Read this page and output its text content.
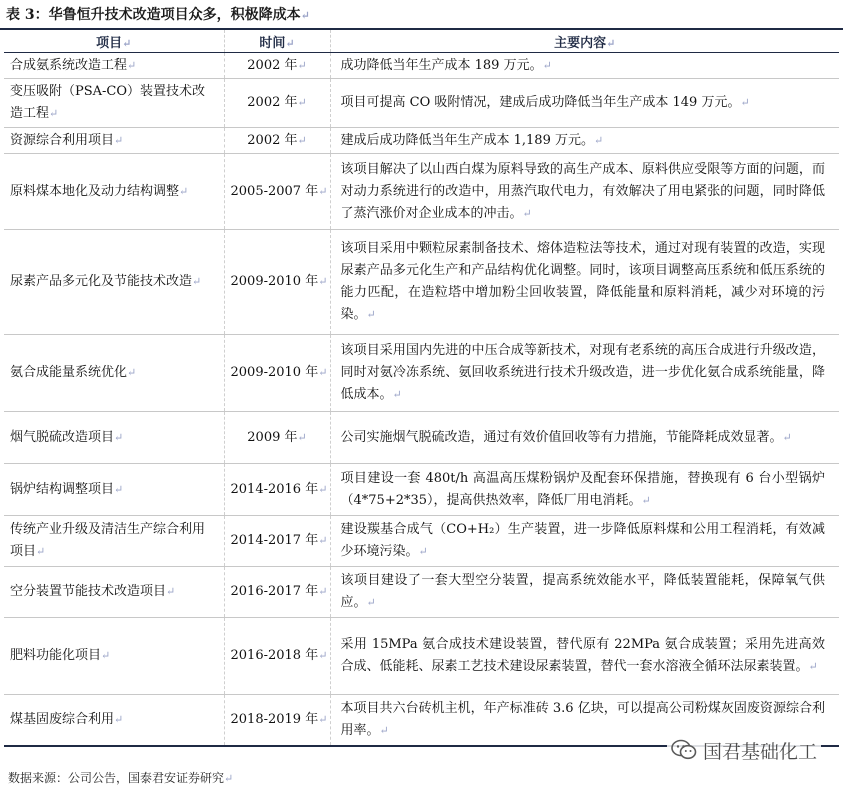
表 3：华鲁恒升技术改造项目众多，积极降成本↵
项目↵	时间↵	主要内容↵
合成氨系统改造工程↵	2002 年↵	成功降低当年生产成本 189 万元。↵
变压吸附（PSA-CO）装置技术改造工程↵	2002 年↵	项目可提高 CO 吸附情况，建成后成功降低当年生产成本 149 万元。↵
资源综合利用项目↵	2002 年↵	建成后成功降低当年生产成本 1,189 万元。↵
原料煤本地化及动力结构调整↵	2005-2007 年↵	该项目解决了以山西白煤为原料导致的高生产成本、原料供应受限等方面的问题，而对动力系统进行的改造中，用蒸汽取代电力，有效解决了用电紧张的问题，同时降低了蒸汽涨价对企业成本的冲击。↵
尿素产品多元化及节能技术改造↵	2009-2010 年↵	该项目采用中颗粒尿素制备技术、熔体造粒法等技术，通过对现有装置的改造，实现尿素产品多元化生产和产品结构优化调整。同时，该项目调整高压系统和低压系统的能力匹配，在造粒塔中增加粉尘回收装置，降低能量和原料消耗，减少对环境的污染。↵
氨合成能量系统优化↵	2009-2010 年↵	该项目采用国内先进的中压合成等新技术，对现有老系统的高压合成进行升级改造，同时对氨冷冻系统、氨回收系统进行技术升级改造，进一步优化氨合成系统能量，降低成本。↵
烟气脱硫改造项目↵	2009 年↵	公司实施烟气脱硫改造，通过有效价值回收等有力措施，节能降耗成效显著。↵
锅炉结构调整项目↵	2014-2016 年↵	项目建设一套 480t/h 高温高压煤粉锅炉及配套环保措施，替换现有 6 台小型锅炉（4*75+2*35），提高供热效率，降低厂用电消耗。↵
传统产业升级及清洁生产综合利用项目↵	2014-2017 年↵	建设羰基合成气（CO+H₂）生产装置，进一步降低原料煤和公用工程消耗，有效减少环境污染。↵
空分装置节能技术改造项目↵	2016-2017 年↵	该项目建设了一套大型空分装置，提高系统效能水平，降低装置能耗，保障氧气供应。↵
肥料功能化项目↵	2016-2018 年↵	采用 15MPa 氨合成技术建设装置，替代原有 22MPa 氨合成装置；采用先进高效合成、低能耗、尿素工艺技术建设尿素装置，替代一套水溶液全循环法尿素装置。↵
煤基固废综合利用↵	2018-2019 年↵	本项目共六台砖机主机，年产标准砖 3.6 亿块，可以提高公司粉煤灰固废资源综合利用率。↵
数据来源：公司公告，国泰君安证券研究↵
国君基础化工
